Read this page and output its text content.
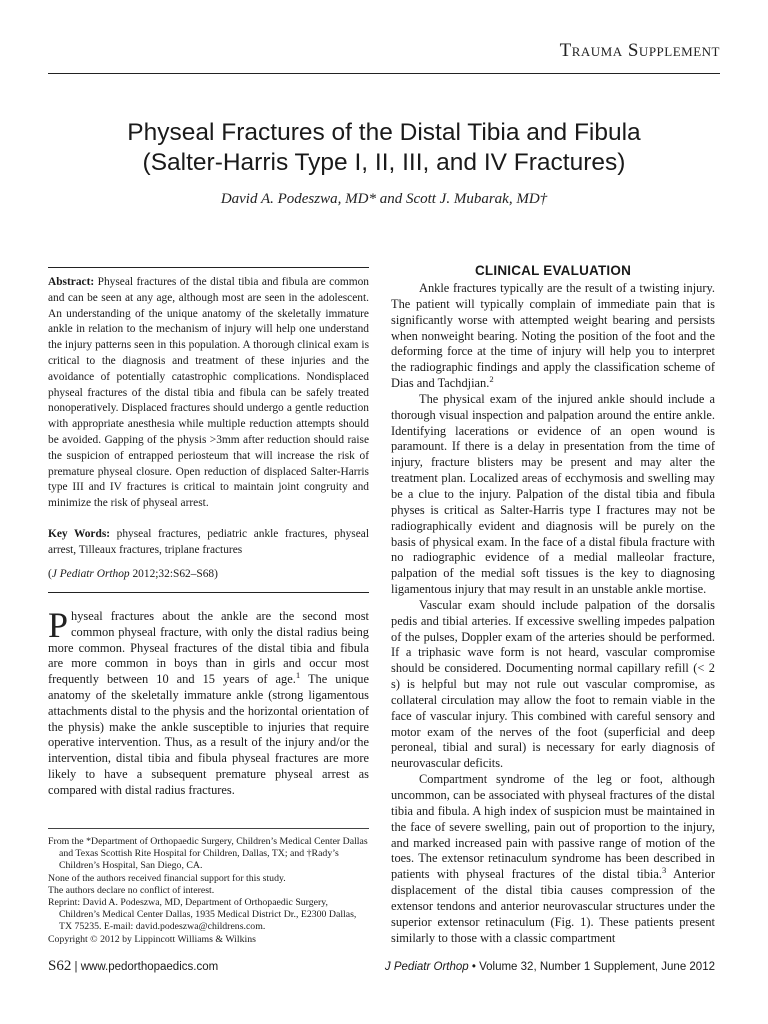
Trauma Supplement
Physeal Fractures of the Distal Tibia and Fibula
(Salter-Harris Type I, II, III, and IV Fractures)
David A. Podeszwa, MD* and Scott J. Mubarak, MD†
Abstract: Physeal fractures of the distal tibia and fibula are common and can be seen at any age, although most are seen in the adolescent. An understanding of the unique anatomy of the skeletally immature ankle in relation to the mechanism of injury will help one understand the injury patterns seen in this population. A thorough clinical exam is critical to the diagnosis and treatment of these injuries and the avoidance of potentially catastrophic complications. Nondisplaced physeal fractures of the distal tibia and fibula can be safely treated nonoperatively. Displaced fractures should undergo a gentle reduction with appropriate anesthesia while multiple reduction attempts should be avoided. Gapping of the physis >3mm after reduction should raise the suspicion of entrapped periosteum that will increase the risk of premature physeal closure. Open reduction of displaced Salter-Harris type III and IV fractures is critical to maintain joint congruity and minimize the risk of physeal arrest.
Key Words: physeal fractures, pediatric ankle fractures, physeal arrest, Tilleaux fractures, triplane fractures
(J Pediatr Orthop 2012;32:S62–S68)
Physeal fractures about the ankle are the second most common physeal fracture, with only the distal radius being more common. Physeal fractures of the distal tibia and fibula are more common in boys than in girls and occur most frequently between 10 and 15 years of age.$^1$ The unique anatomy of the skeletally immature ankle (strong ligamentous attachments distal to the physis and the horizontal orientation of the physis) make the ankle susceptible to injuries that require operative intervention. Thus, as a result of the injury and/or the intervention, distal tibia and fibula physeal fractures are more likely to have a subsequent premature physeal arrest as compared with distal radius fractures.
From the *Department of Orthopaedic Surgery, Children’s Medical Center Dallas and Texas Scottish Rite Hospital for Children, Dallas, TX; and †Rady’s Children’s Hospital, San Diego, CA.
None of the authors received financial support for this study.
The authors declare no conflict of interest.
Reprint: David A. Podeszwa, MD, Department of Orthopaedic Surgery, Children’s Medical Center Dallas, 1935 Medical District Dr., E2300 Dallas, TX 75235. E-mail: david.podeszwa@childrens.com.
Copyright © 2012 by Lippincott Williams & Wilkins
CLINICAL EVALUATION

Ankle fractures typically are the result of a twisting injury. The patient will typically complain of immediate pain that is significantly worse with attempted weight bearing and persists when nonweight bearing. Noting the position of the foot and the deforming force at the time of injury will help you to interpret the radiographic findings and apply the classification scheme of Dias and Tachdjian.$^2$

The physical exam of the injured ankle should include a thorough visual inspection and palpation around the entire ankle. Identifying lacerations or evidence of an open wound is paramount. If there is a delay in presentation from the time of injury, fracture blisters may be present and may alter the treatment plan. Localized areas of ecchymosis and swelling may be a clue to the injury. Palpation of the distal tibia and fibula physes is critical as Salter-Harris type I fractures may not be radiographically evident and diagnosis will be purely on the basis of physical exam. In the face of a distal fibula fracture with no radiographic evidence of a medial malleolar fracture, palpation of the medial soft tissues is the key to diagnosing ligamentous injury that may result in an unstable ankle mortise.

Vascular exam should include palpation of the dorsalis pedis and tibial arteries. If excessive swelling impedes palpation of the pulses, Doppler exam of the arteries should be performed. If a triphasic wave form is not heard, vascular compromise should be considered. Documenting normal capillary refill (< 2 s) is helpful but may not rule out vascular compromise, as collateral circulation may allow the foot to remain viable in the face of vascular injury. This combined with careful sensory and motor exam of the nerves of the foot (superficial and deep peroneal, tibial and sural) is necessary for early diagnosis of neurovascular deficits.

Compartment syndrome of the leg or foot, although uncommon, can be associated with physeal fractures of the distal tibia and fibula. A high index of suspicion must be maintained in the face of severe swelling, pain out of proportion to the injury, and marked increased pain with passive range of motion of the toes. The extensor retinaculum syndrome has been described in patients with physeal fractures of the distal tibia.$^3$ Anterior displacement of the distal tibia causes compression of the extensor tendons and anterior neurovascular structures under the superior extensor retinaculum (Fig. 1). These patients present similarly to those with a classic compartment

S62 | www.pedorthopaedics.com	J Pediatr Orthop • Volume 32, Number 1 Supplement, June 2012
